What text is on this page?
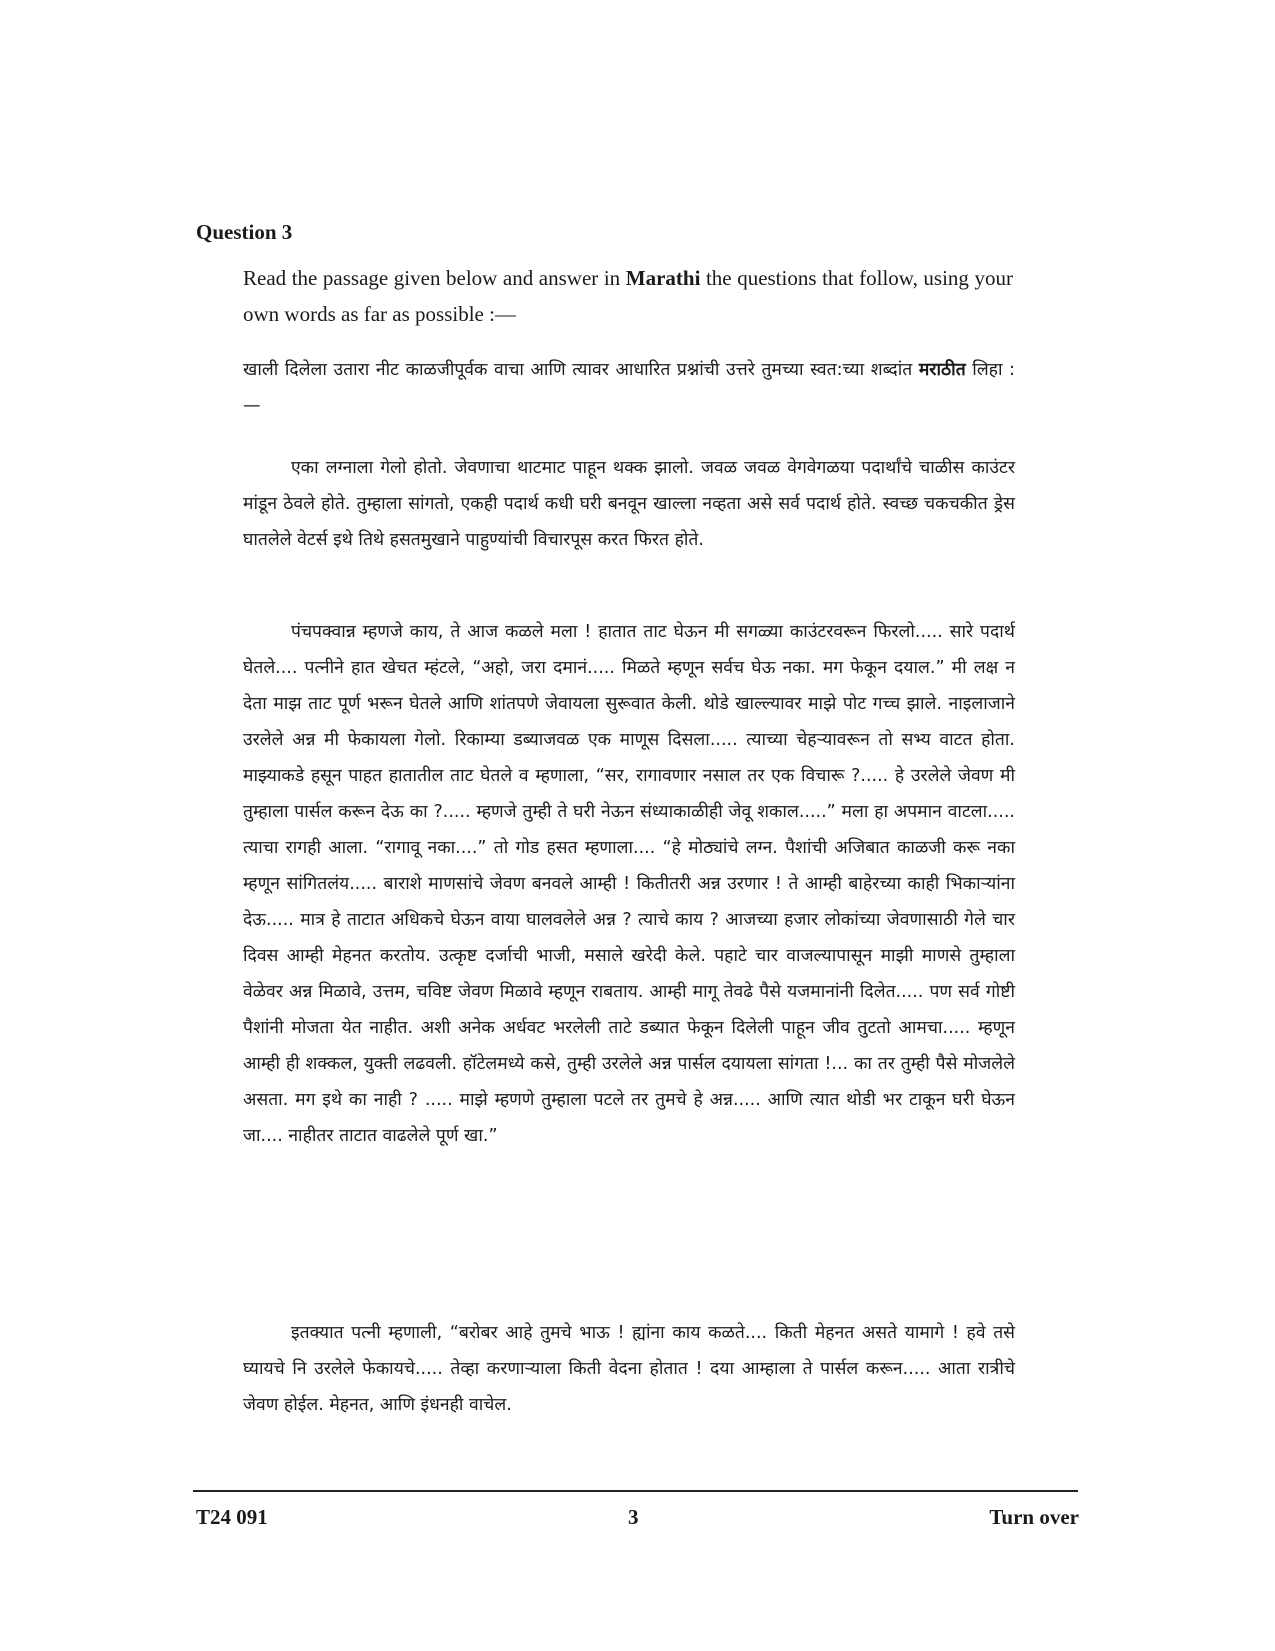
Question 3

Read the passage given below and answer in Marathi the questions that follow, using your own words as far as possible :—

खाली दिलेला उतारा नीट काळजीपूर्वक वाचा आणि त्यावर आधारित प्रश्नांची उत्तरे तुमच्या स्वत:च्या शब्दांत मराठीत लिहा :—

एका लग्नाला गेलो होतो. जेवणाचा थाटमाट पाहून थक्क झालो. जवळ जवळ वेगवेगळया पदार्थांचे चाळीस काउंटर मांडून ठेवले होते. तुम्हाला सांगतो, एकही पदार्थ कधी घरी बनवून खाल्ला नव्हता असे सर्व पदार्थ होते. स्वच्छ चकचकीत ड्रेस घातलेले वेटर्स इथे तिथे हसतमुखाने पाहुण्यांची विचारपूस करत फिरत होते.

पंचपक्वान्न म्हणजे काय, ते आज कळले मला ! हातात ताट घेऊन मी सगळ्या काउंटरवरून फिरलो..... सारे पदार्थ घेतले.... पत्नीने हात खेचत म्हंटले, “अहो, जरा दमानं..... मिळते म्हणून सर्वच घेऊ नका. मग फेकून दयाल.” मी लक्ष न देता माझ ताट पूर्ण भरून घेतले आणि शांतपणे जेवायला सुरूवात केली. थोडे खाल्ल्यावर माझे पोट गच्च झाले. नाइलाजाने उरलेले अन्न मी फेकायला गेलो. रिकाम्या डब्याजवळ एक माणूस दिसला..... त्याच्या चेहऱ्यावरून तो सभ्य वाटत होता. माझ्याकडे हसून पाहत हातातील ताट घेतले व म्हणाला, “सर, रागावणार नसाल तर एक विचारू ?..... हे उरलेले जेवण मी तुम्हाला पार्सल करून देऊ का ?..... म्हणजे तुम्ही ते घरी नेऊन संध्याकाळीही जेवू शकाल.....” मला हा अपमान वाटला..... त्याचा रागही आला. “रागावू नका....” तो गोड हसत म्हणाला.... “हे मोठ्यांचे लग्न. पैशांची अजिबात काळजी करू नका म्हणून सांगितलंय..... बाराशे माणसांचे जेवण बनवले आम्ही ! कितीतरी अन्न उरणार ! ते आम्ही बाहेरच्या काही भिकाऱ्यांना देऊ..... मात्र हे ताटात अधिकचे घेऊन वाया घालवलेले अन्न ? त्याचे काय ? आजच्या हजार लोकांच्या जेवणासाठी गेले चार दिवस आम्ही मेहनत करतोय. उत्कृष्ट दर्जाची भाजी, मसाले खरेदी केले. पहाटे चार वाजल्यापासून माझी माणसे तुम्हाला वेळेवर अन्न मिळावे, उत्तम, चविष्ट जेवण मिळावे म्हणून राबताय. आम्ही मागू तेवढे पैसे यजमानांनी दिलेत..... पण सर्व गोष्टी पैशांनी मोजता येत नाहीत. अशी अनेक अर्धवट भरलेली ताटे डब्यात फेकून दिलेली पाहून जीव तुटतो आमचा..... म्हणून आम्ही ही शक्कल, युक्ती लढवली. हॉटेलमध्ये कसे, तुम्ही उरलेले अन्न पार्सल दयायला सांगता !... का तर तुम्ही पैसे मोजलेले असता. मग इथे का नाही ? ..... माझे म्हणणे तुम्हाला पटले तर तुमचे हे अन्न..... आणि त्यात थोडी भर टाकून घरी घेऊन जा.... नाहीतर ताटात वाढलेले पूर्ण खा.”

इतक्यात पत्नी म्हणाली, “बरोबर आहे तुमचे भाऊ ! ह्यांना काय कळते.... किती मेहनत असते यामागे ! हवे तसे घ्यायचे नि उरलेले फेकायचे..... तेव्हा करणाऱ्याला किती वेदना होतात ! दया आम्हाला ते पार्सल करून..... आता रात्रीचे जेवण होईल. मेहनत, आणि इंधनही वाचेल.

T24 091	3	Turn over
